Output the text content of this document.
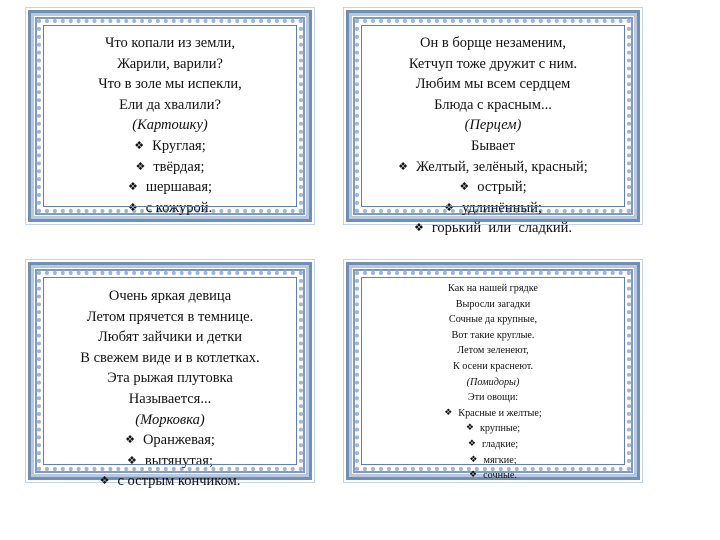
Что копали из земли,
Жарили, варили?
Что в золе мы испекли,
Ели да хвалили?
(Картошку)
❖ Круглая;
❖ твёрдая;
❖ шершавая;
❖ с кожурой.
Он в борще незаменим,
Кетчуп тоже дружит с ним.
Любим мы всем сердцем
Блюда с красным...
(Перцем)
Бывает
❖ Желтый, зелёный, красный;
❖ острый;
❖ удлинённый;
❖ горький  или  сладкий.
Очень яркая девица
Летом прячется в темнице.
Любят зайчики и детки
В свежем виде и в котлетках.
Эта рыжая плутовка
Называется...
(Морковка)
❖ Оранжевая;
❖ вытянутая;
❖ с острым кончиком.
Как на нашей грядке
Выросли загадки
Сочные да крупные,
Вот такие круглые.
Летом зеленеют,
К осени краснеют.
(Помидоры)
Эти овощи:
❖ Красные и желтые;
❖ крупные;
❖ гладкие;
❖ мягкие;
❖ сочные.
